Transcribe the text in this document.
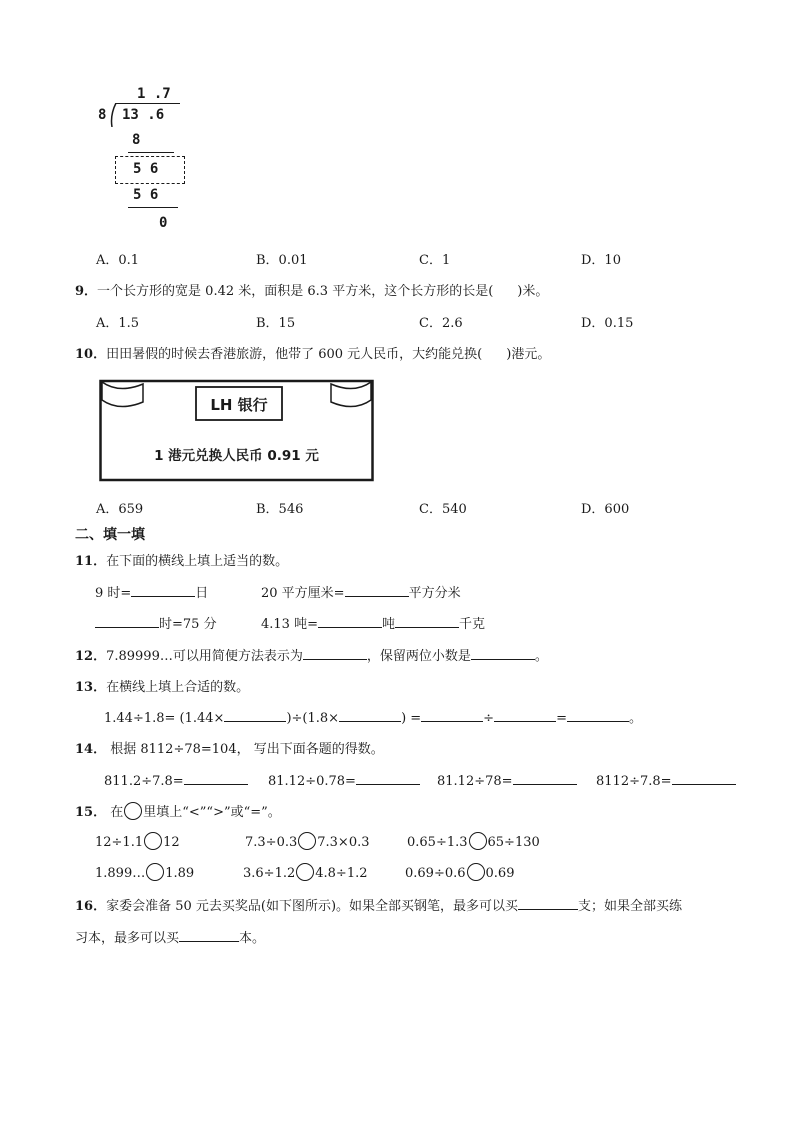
1 .7
8 13 .6
8
5 6
5 6
0
A．0.1	B．0.01	C．1	D．10
9．一个长方形的宽是 0.42 米，面积是 6.3 平方米，这个长方形的长是( )米。
A．1.5	B．15	C．2.6	D．0.15
10．田田暑假的时候去香港旅游，他带了 600 元人民币，大约能兑换( )港元。
LH 银行
1 港元兑换人民币 0.91 元
A．659	B．546	C．540	D．600
二、填一填
11．在下面的横线上填上适当的数。
9 时=	日	20 平方厘米=	平方分米
时=75 分	4.13 吨=	吨	千克
12．7.89999…可以用简便方法表示为	，保留两位小数是	。
13．在横线上填上合适的数。
1.44÷1.8= (1.44×	)÷(1.8×	) =	÷	=	。
14． 根据 8112÷78=104， 写出下面各题的得数。
811.2÷7.8=	81.12÷0.78=	81.12÷78=	8112÷7.8=
15． 在 里填上“<”“>”或“=”。
12÷1.1 12	7.3÷0.3 7.3×0.3	0.65÷1.3 65÷130
1.899… 1.89	3.6÷1.2 4.8÷1.2	0.69÷0.6 0.69
16．家委会准备 50 元去买奖品(如下图所示)。如果全部买钢笔，最多可以买	支；如果全部买练
习本，最多可以买	本。
